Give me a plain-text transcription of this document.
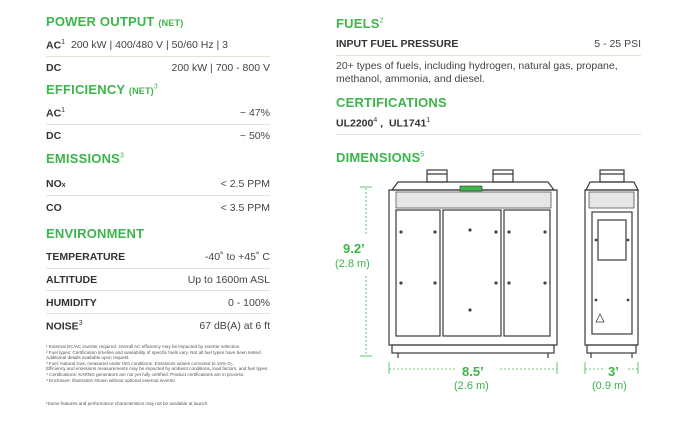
POWER OUTPUT (NET)
$AC^1$ 200 kW | 400/480 V | 50/60 Hz | 3
DC	200 kW | 700 - 800 V
EFFICIENCY (NET)$^3$
$AC^1$	~ 47%
DC	~ 50%
EMISSIONS$^3$
NOx	< 2.5 PPM
CO	< 3.5 PPM
ENVIRONMENT
TEMPERATURE	-40˚ to +45˚ C
ALTITUDE	Up to 1600m ASL
HUMIDITY	0 - 100%
NOISE$^3$	67 dB(A) at 6 ft
¹ External DC/AC inverter required. Overall AC efficiency may be impacted by inverter selection.
² Fuel types: Certification timeline and availability of specific fuels vary. Not all fuel types have been tested.
Additional details available upon request.
³ Fuel: Natural Gas, measured under ISO conditions. Emissions values corrected to 15% O₂.
Efficiency and emissions measurements may be impacted by ambient conditions, load factors, and fuel types.
⁴ Certifications: KARNO generators are not yet fully certified. Product certifications are in process.
⁵ Enclosure: Illustration shown without optional external inverter.
¹Some features and performance characteristics may not be available at launch.
FUELS$^2$
INPUT FUEL PRESSURE	5 - 25 PSI
20+ types of fuels, including hydrogen, natural gas, propane, methanol, ammonia, and diesel.
CERTIFICATIONS
UL2200$^4$ ,  UL1741$^1$
DIMENSIONS$^5$
9.2’
(2.8 m)
8.5’
(2.6 m)
3’
(0.9 m)
